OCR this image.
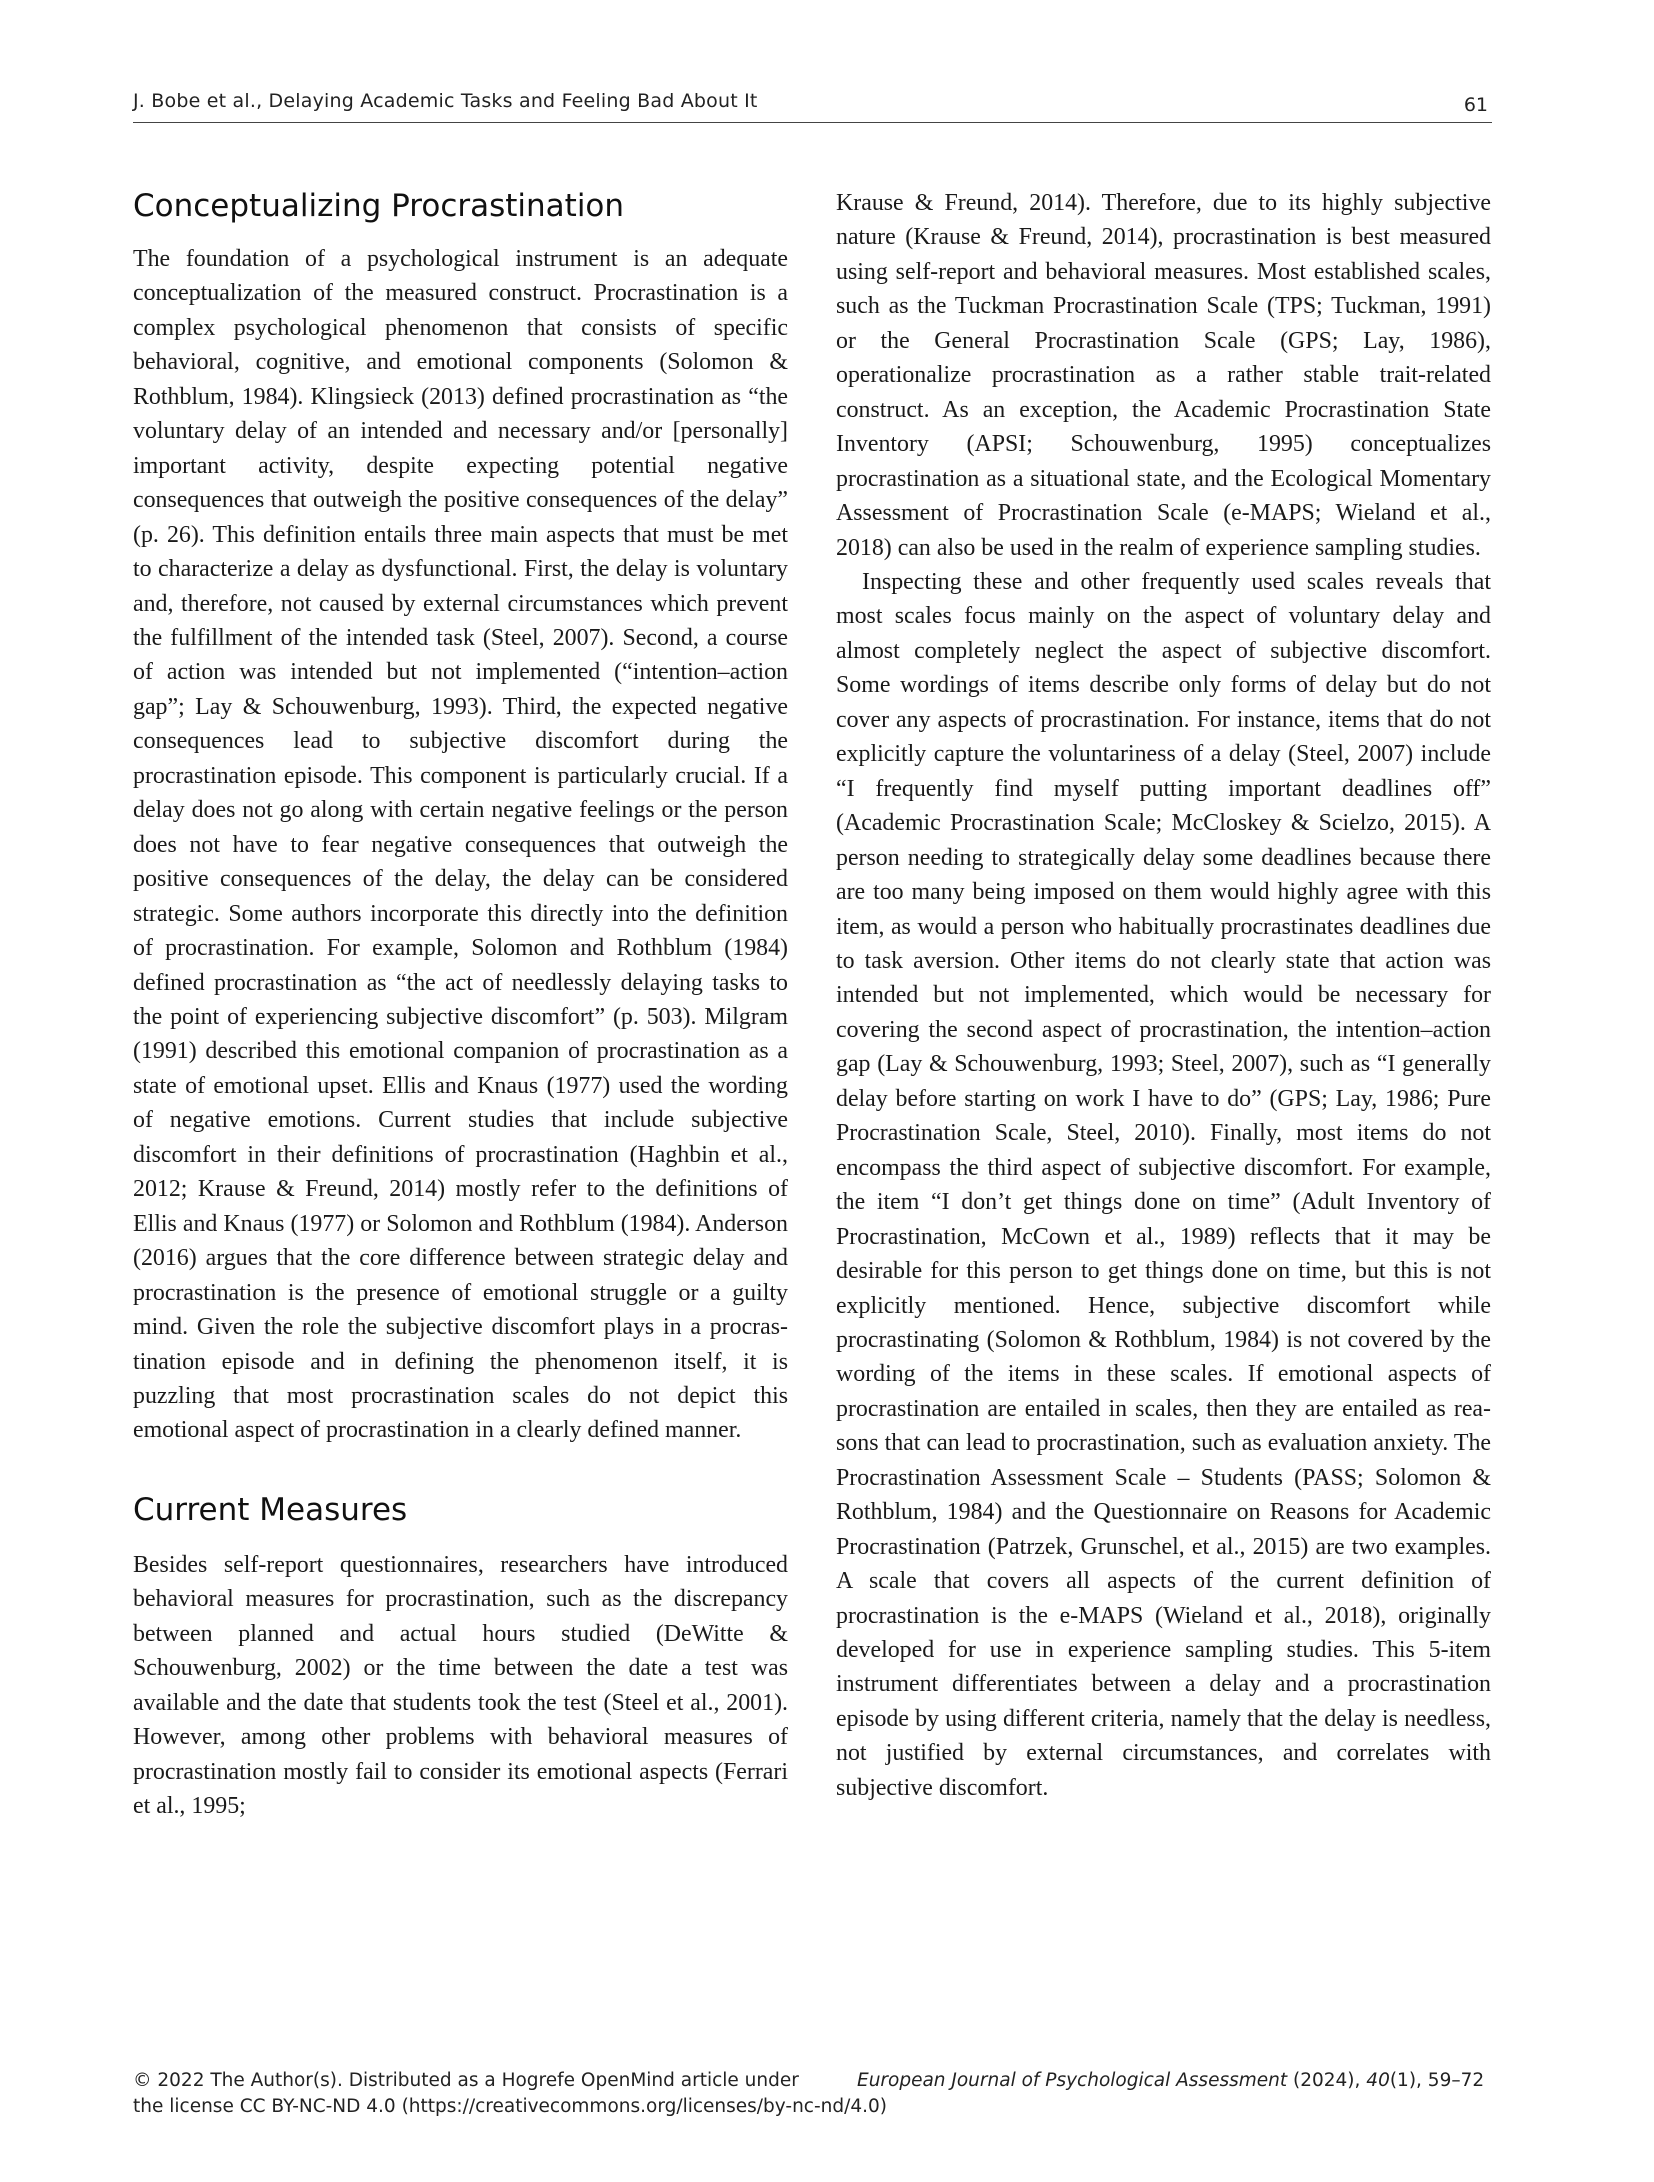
J. Bobe et al., Delaying Academic Tasks and Feeling Bad About It	61
Conceptualizing Procrastination

The foundation of a psychological instrument is an adequate conceptualization of the measured construct. Procrastination is a complex psychological phenomenon that consists of specific behavioral, cognitive, and emotional components (Solomon & Rothblum, 1984). Klingsieck (2013) defined procrastination as “the voluntary delay of an intended and necessary and/or [personally] important activity, despite expecting potential negative consequences that outweigh the positive consequences of the delay” (p. 26). This definition entails three main aspects that must be met to characterize a delay as dysfunctional. First, the delay is voluntary and, therefore, not caused by external circumstances which prevent the fulfillment of the intended task (Steel, 2007). Second, a course of action was intended but not implemented (“intention–action gap”; Lay & Schouwenburg, 1993). Third, the expected negative consequences lead to subjective discomfort during the procrastination episode. This component is particularly crucial. If a delay does not go along with certain negative feelings or the person does not have to fear negative consequences that outweigh the positive consequences of the delay, the delay can be considered strategic. Some authors incorporate this directly into the definition of procrastination. For example, Solomon and Rothblum (1984) defined procrastination as “the act of needlessly delaying tasks to the point of experiencing subjective discomfort” (p. 503). Milgram (1991) described this emotional companion of procrastination as a state of emotional upset. Ellis and Knaus (1977) used the wording of negative emotions. Current studies that include subjective discomfort in their definitions of procrastination (Haghbin et al., 2012; Krause & Freund, 2014) mostly refer to the definitions of Ellis and Knaus (1977) or Solomon and Rothblum (1984). Anderson (2016) argues that the core difference between strategic delay and procrastination is the presence of emotional struggle or a guilty mind. Given the role the subjective discomfort plays in a procrastination episode and in defining the phenomenon itself, it is puzzling that most procrastination scales do not depict this emotional aspect of procrastination in a clearly defined manner.

Current Measures

Besides self-report questionnaires, researchers have introduced behavioral measures for procrastination, such as the discrepancy between planned and actual hours studied (DeWitte & Schouwenburg, 2002) or the time between the date a test was available and the date that students took the test (Steel et al., 2001). However, among other problems with behavioral measures of procrastination mostly fail to consider its emotional aspects (Ferrari et al., 1995;

Krause & Freund, 2014). Therefore, due to its highly subjective nature (Krause & Freund, 2014), procrastination is best measured using self-report and behavioral measures. Most established scales, such as the Tuckman Procrastination Scale (TPS; Tuckman, 1991) or the General Procrastination Scale (GPS; Lay, 1986), operationalize procrastination as a rather stable trait-related construct. As an exception, the Academic Procrastination State Inventory (APSI; Schouwenburg, 1995) conceptualizes procrastination as a situational state, and the Ecological Momentary Assessment of Procrastination Scale (e-MAPS; Wieland et al., 2018) can also be used in the realm of experience sampling studies.

Inspecting these and other frequently used scales reveals that most scales focus mainly on the aspect of voluntary delay and almost completely neglect the aspect of subjective discomfort. Some wordings of items describe only forms of delay but do not cover any aspects of procrastination. For instance, items that do not explicitly capture the voluntariness of a delay (Steel, 2007) include “I frequently find myself putting important deadlines off” (Academic Procrastination Scale; McCloskey & Scielzo, 2015). A person needing to strategically delay some deadlines because there are too many being imposed on them would highly agree with this item, as would a person who habitually procrastinates deadlines due to task aversion. Other items do not clearly state that action was intended but not implemented, which would be necessary for covering the second aspect of procrastination, the intention–action gap (Lay & Schouwenburg, 1993; Steel, 2007), such as “I generally delay before starting on work I have to do” (GPS; Lay, 1986; Pure Procrastination Scale, Steel, 2010). Finally, most items do not encompass the third aspect of subjective discomfort. For example, the item “I don’t get things done on time” (Adult Inventory of Procrastination, McCown et al., 1989) reflects that it may be desirable for this person to get things done on time, but this is not explicitly mentioned. Hence, subjective discomfort while procrastinating (Solomon & Rothblum, 1984) is not covered by the wording of the items in these scales. If emotional aspects of procrastination are entailed in scales, then they are entailed as reasons that can lead to procrastination, such as evaluation anxiety. The Procrastination Assessment Scale – Students (PASS; Solomon & Rothblum, 1984) and the Questionnaire on Reasons for Academic Procrastination (Patrzek, Grunschel, et al., 2015) are two examples. A scale that covers all aspects of the current definition of procrastination is the e-MAPS (Wieland et al., 2018), originally developed for use in experience sampling studies. This 5-item instrument differentiates between a delay and a procrastination episode by using different criteria, namely that the delay is needless, not justified by external circumstances, and correlates with subjective discomfort.

© 2022 The Author(s). Distributed as a Hogrefe OpenMind article under
the license CC BY-NC-ND 4.0 (https://creativecommons.org/licenses/by-nc-nd/4.0)
European Journal of Psychological Assessment (2024), 40(1), 59–72
